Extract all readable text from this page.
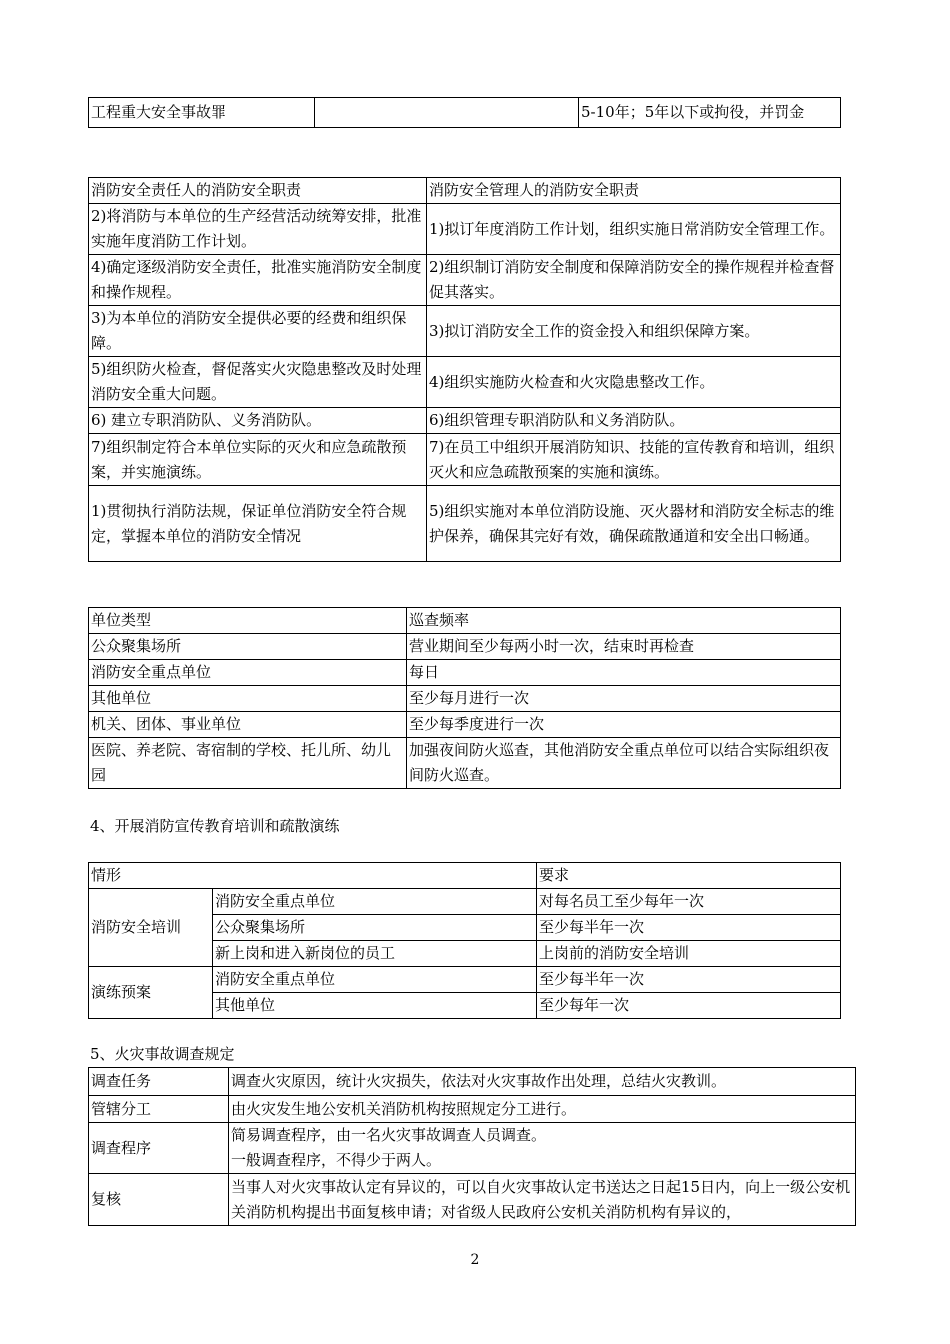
工程重大安全事故罪		5-10年；5年以下或拘役，并罚金
消防安全责任人的消防安全职责	消防安全管理人的消防安全职责
2)将消防与本单位的生产经营活动统筹安排，批准实施年度消防工作计划。	1)拟订年度消防工作计划，组织实施日常消防安全管理工作。
4)确定逐级消防安全责任，批准实施消防安全制度和操作规程。	2)组织制订消防安全制度和保障消防安全的操作规程并检查督促其落实。
3)为本单位的消防安全提供必要的经费和组织保障。	3)拟订消防安全工作的资金投入和组织保障方案。
5)组织防火检查，督促落实火灾隐患整改及时处理消防安全重大问题。	4)组织实施防火检查和火灾隐患整改工作。
6) 建立专职消防队、义务消防队。	6)组织管理专职消防队和义务消防队。
7)组织制定符合本单位实际的灭火和应急疏散预案，并实施演练。	7)在员工中组织开展消防知识、技能的宣传教育和培训，组织灭火和应急疏散预案的实施和演练。
1)贯彻执行消防法规，保证单位消防安全符合规定，掌握本单位的消防安全情况	5)组织实施对本单位消防设施、灭火器材和消防安全标志的维护保养，确保其完好有效，确保疏散通道和安全出口畅通。
单位类型	巡查频率
公众聚集场所	营业期间至少每两小时一次，结束时再检查
消防安全重点单位	每日
其他单位	至少每月进行一次
机关、团体、事业单位	至少每季度进行一次
医院、养老院、寄宿制的学校、托儿所、幼儿园	加强夜间防火巡查，其他消防安全重点单位可以结合实际组织夜间防火巡查。
4、开展消防宣传教育培训和疏散演练
情形		要求
消防安全培训	消防安全重点单位	对每名员工至少每年一次
	公众聚集场所	至少每半年一次
	新上岗和进入新岗位的员工	上岗前的消防安全培训
演练预案	消防安全重点单位	至少每半年一次
	其他单位	至少每年一次
5、火灾事故调查规定
调查任务	调查火灾原因，统计火灾损失，依法对火灾事故作出处理，总结火灾教训。
管辖分工	由火灾发生地公安机关消防机构按照规定分工进行。
调查程序	简易调查程序，由一名火灾事故调查人员调查。
一般调查程序，不得少于两人。
复核	当事人对火灾事故认定有异议的，可以自火灾事故认定书送达之日起15日内，向上一级公安机关消防机构提出书面复核申请；对省级人民政府公安机关消防机构有异议的，
2
